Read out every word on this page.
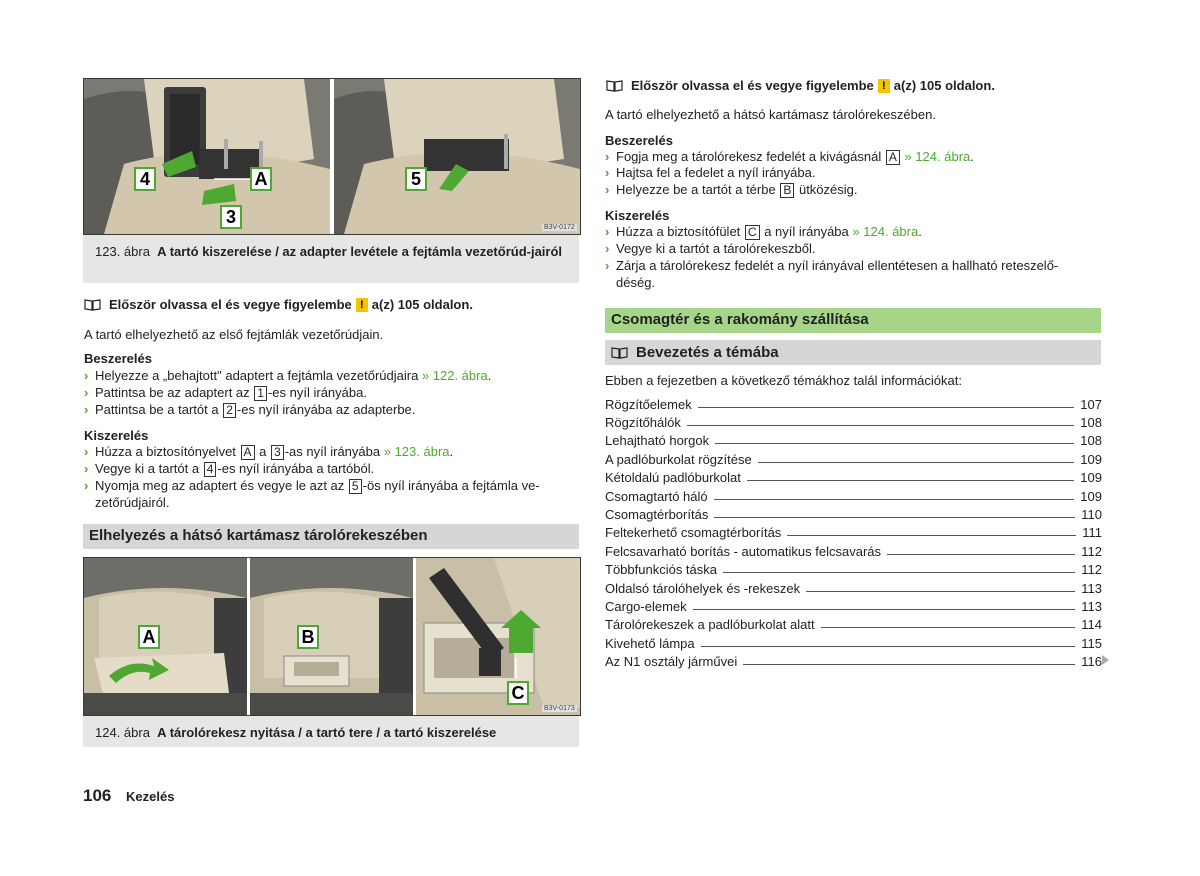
4	A
3
5
B3V-0172
123. ábra A tartó kiszerelése / az adapter levétele a fejtámla vezetőrúd-jairól
Először olvassa el és vegye figyelembe ! a(z) 105 oldalon.
A tartó elhelyezhető az első fejtámlák vezetőrúdjain.
Beszerelés
› Helyezze a „behajtott" adaptert a fejtámla vezetőrúdjaira » 122. ábra.
› Pattintsa be az adaptert az 1 -es nyíl irányába.
› Pattintsa be a tartót a 2 -es nyíl irányába az adapterbe.
Kiszerelés
› Húzza a biztosítónyelvet A a 3 -as nyíl irányába » 123. ábra.
› Vegye ki a tartót a 4 -es nyíl irányába a tartóból.
› Nyomja meg az adaptert és vegye le azt az 5 -ös nyíl irányába a fejtámla ve-
zetőrúdjairól.
Elhelyezés a hátsó kartámasz tárolórekeszében
A	B
C
B3V-0173
124. ábra A tárolórekesz nyitása / a tartó tere / a tartó kiszerelése
106 Kezelés
Először olvassa el és vegye figyelembe ! a(z) 105 oldalon.
A tartó elhelyezhető a hátsó kartámasz tárolórekeszében.
Beszerelés
› Fogja meg a tárolórekesz fedelét a kivágásnál A » 124. ábra.
› Hajtsa fel a fedelet a nyíl irányába.
› Helyezze be a tartót a térbe B ütközésig.
Kiszerelés
› Húzza a biztosítófület C a nyíl irányába » 124. ábra.
› Vegye ki a tartót a tárolórekeszből.
› Zárja a tárolórekesz fedelét a nyíl irányával ellentétesen a hallható reteszelő-
déség.
Csomagtér és a rakomány szállítása
Bevezetés a témába
Ebben a fejezetben a következő témákhoz talál információkat:
Rögzítőelemek	107
Rögzítőhálók	108
Lehajtható horgok	108
A padlóburkolat rögzítése	109
Kétoldalú padlóburkolat	109
Csomagtartó háló	109
Csomagtérborítás	110
Feltekerhető csomagtérborítás	111
Felcsavarható borítás - automatikus felcsavarás	112
Többfunkciós táska	112
Oldalsó tárolóhelyek és -rekeszek	113
Cargo-elemek	113
Tárolórekeszek a padlóburkolat alatt	114
Kivehető lámpa	115
Az N1 osztály járművei	116
